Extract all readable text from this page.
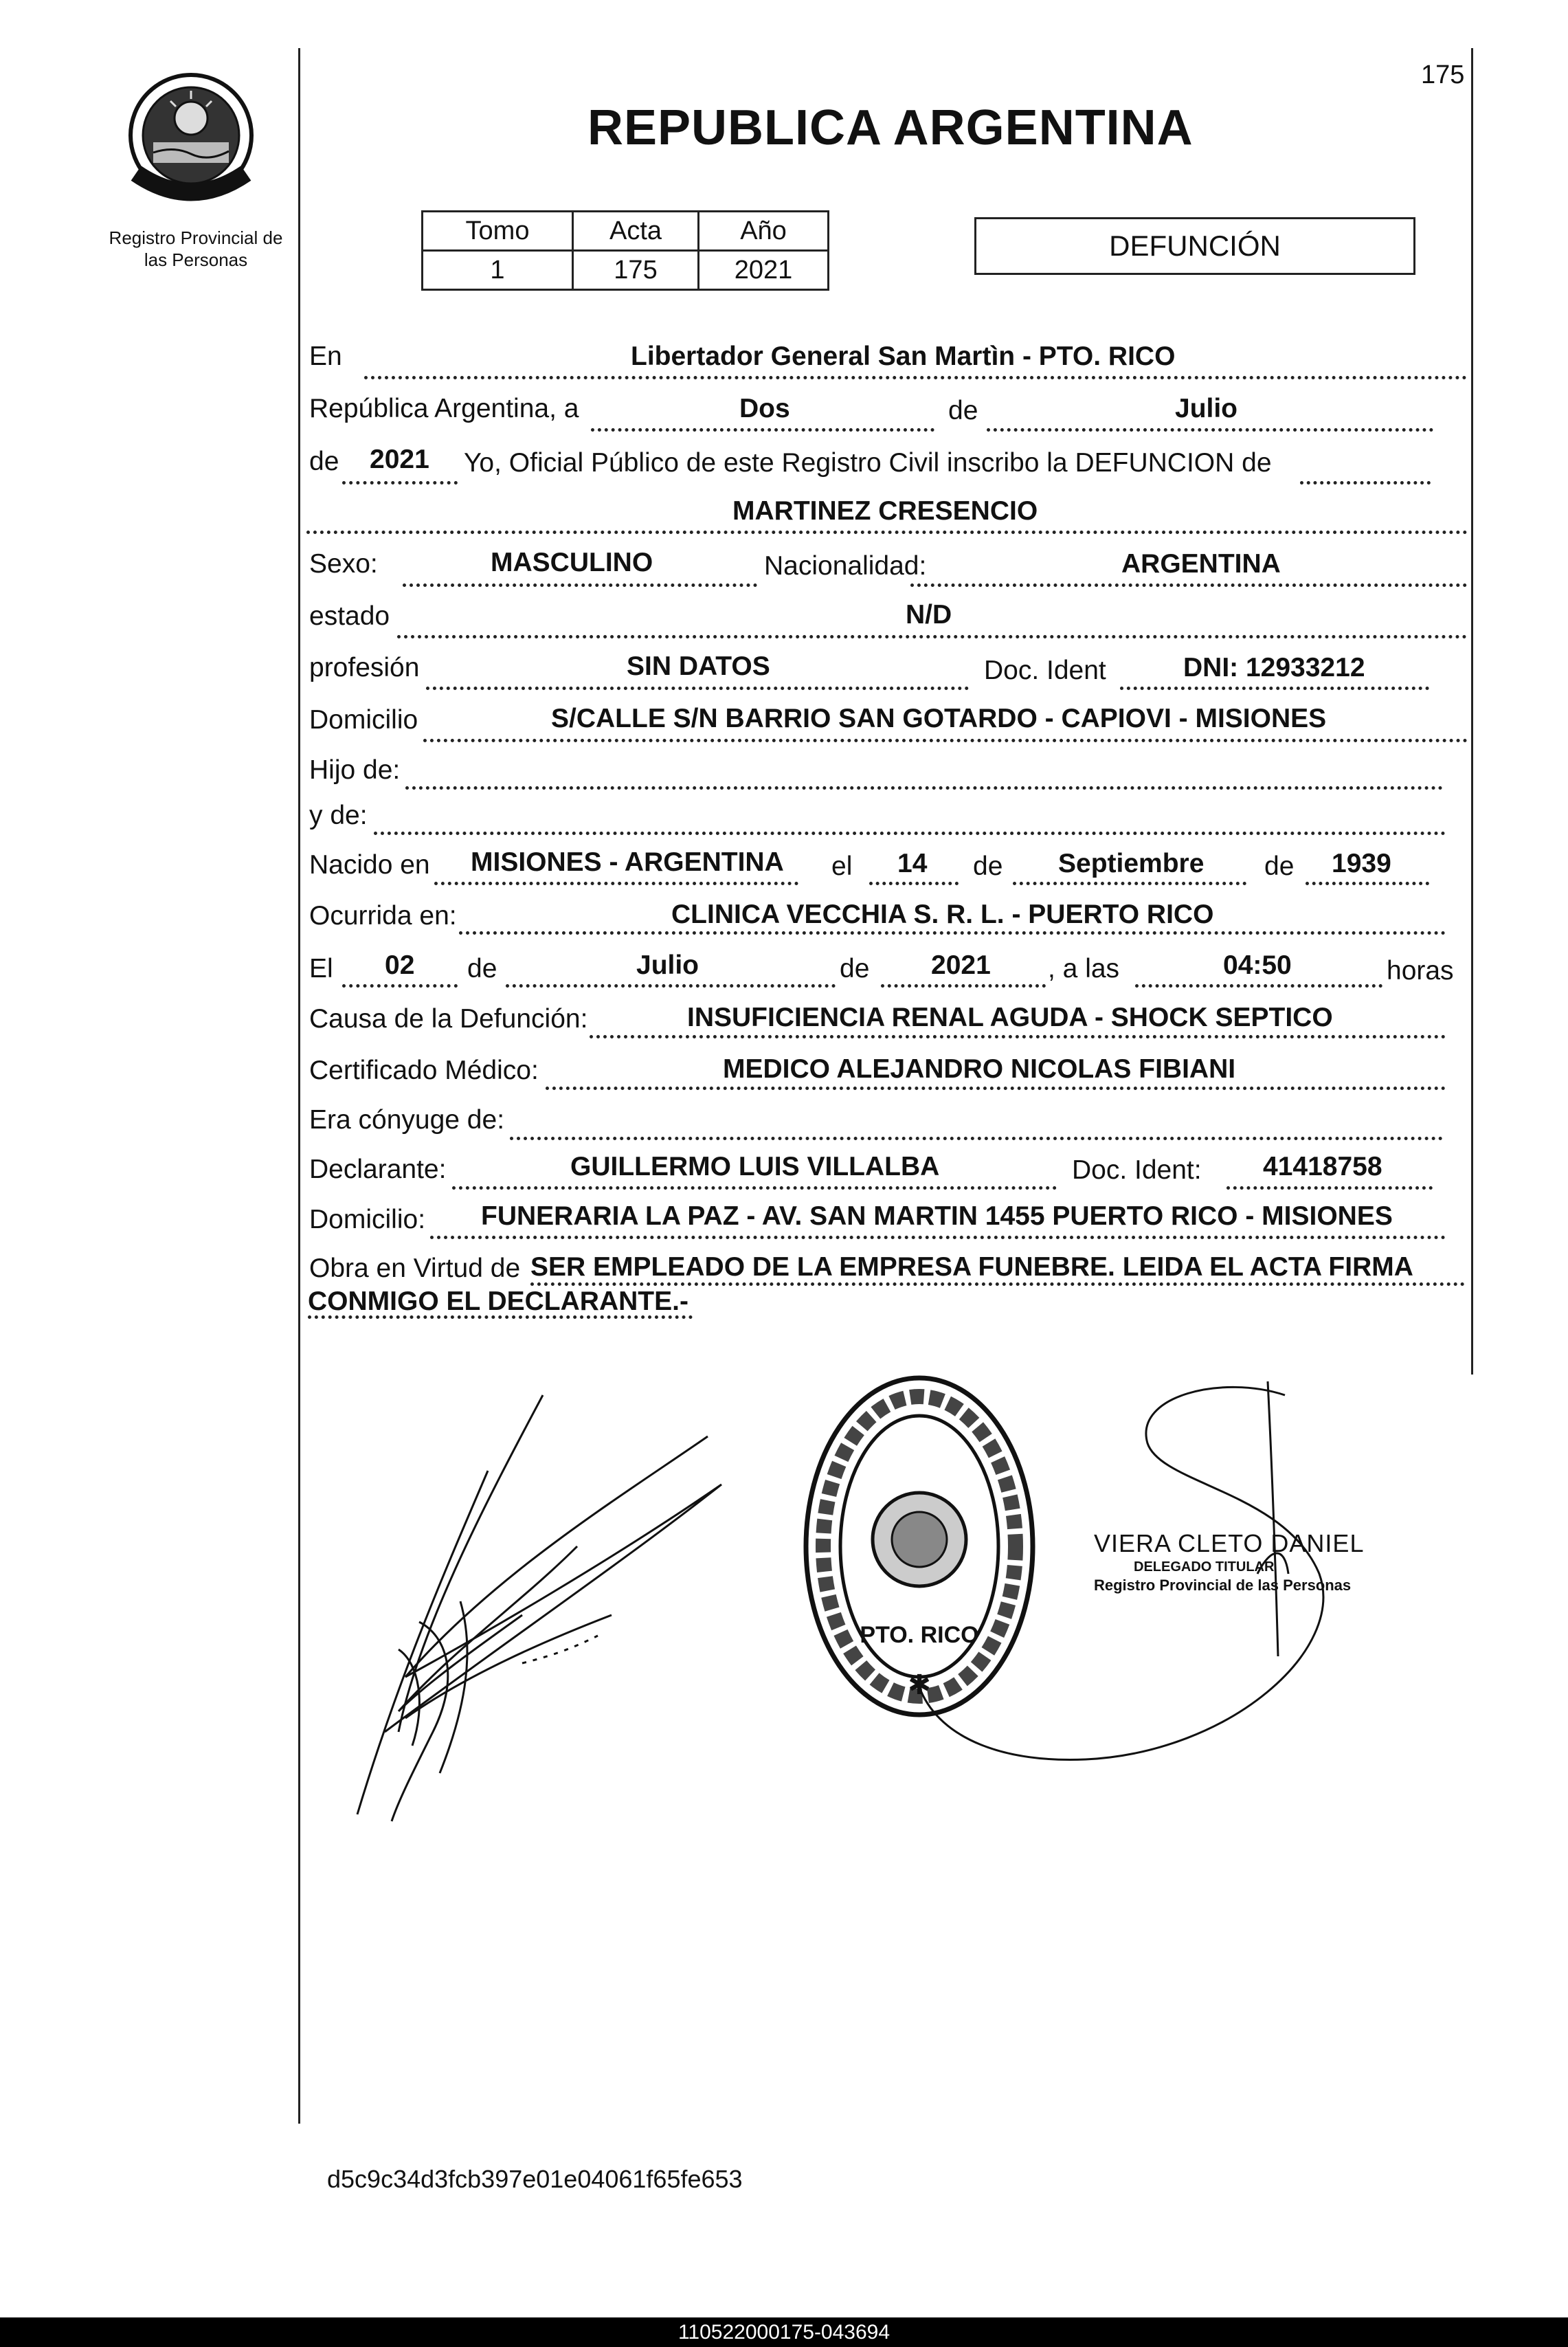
175
Registro Provincial de
las Personas
REPUBLICA ARGENTINA
Tomo	Acta	Año
1	175	2021
DEFUNCIÓN
En	Libertador General San Martìn - PTO. RICO
República Argentina, a	Dos	de	Julio
de 2021 Yo, Oficial Público de este Registro Civil inscribo la DEFUNCION de
MARTINEZ CRESENCIO
Sexo:	MASCULINO	Nacionalidad:	ARGENTINA
estado	N/D
profesión	SIN DATOS	Doc. Ident	DNI: 12933212
Domicilio	S/CALLE S/N BARRIO SAN GOTARDO - CAPIOVI - MISIONES
Hijo de:
y de:
Nacido en MISIONES - ARGENTINA el 14 de Septiembre de 1939
Ocurrida en:	CLINICA VECCHIA S. R. L. - PUERTO RICO
El 02 de	Julio	de 2021 , a las	04:50	horas
Causa de la Defunción:	INSUFICIENCIA RENAL AGUDA - SHOCK SEPTICO
Certificado Médico:	MEDICO ALEJANDRO NICOLAS FIBIANI
Era cónyuge de:
Declarante:	GUILLERMO LUIS VILLALBA	Doc. Ident: 41418758
Domicilio: FUNERARIA LA PAZ - AV. SAN MARTIN 1455 PUERTO RICO - MISIONES
Obra en Virtud de SER EMPLEADO DE LA EMPRESA FUNEBRE. LEIDA EL ACTA FIRMA
CONMIGO EL DECLARANTE.-
PTO. RICO
✱
VIERA CLETO DANIEL
DELEGADO TITULAR
Registro Provincial de las Personas
d5c9c34d3fcb397e01e04061f65fe653
110522000175-043694
